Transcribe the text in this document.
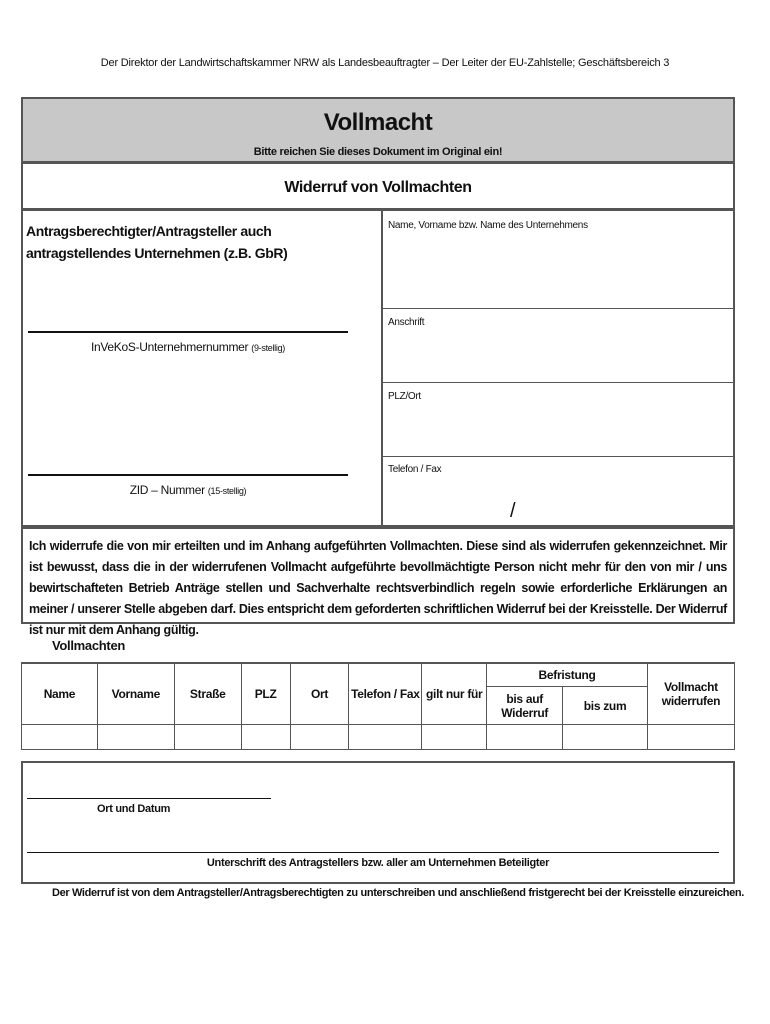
Der Direktor der Landwirtschaftskammer NRW als Landesbeauftragter – Der Leiter der EU-Zahlstelle; Geschäftsbereich 3
Vollmacht
Bitte reichen Sie dieses Dokument im Original ein!
Widerruf von Vollmachten
Antragsberechtigter/Antragsteller auch antragstellendes Unternehmen (z.B. GbR)
InVeKoS-Unternehmernummer (9-stellig)
ZID – Nummer (15-stellig)
Name, Vorname bzw. Name des Unternehmens
Anschrift
PLZ/Ort
Telefon / Fax
/

Ich widerrufe die von mir erteilten und im Anhang aufgeführten Vollmachten. Diese sind als widerrufen gekennzeichnet. Mir ist bewusst, dass die in der widerrufenen Vollmacht aufgeführte bevollmächtigte Person nicht mehr für den von mir / uns bewirtschafteten Betrieb Anträge stellen und Sachverhalte rechtsverbindlich regeln sowie erforderliche Erklärungen an meiner / unserer Stelle abgeben darf. Dies entspricht dem geforderten schriftlichen Widerruf bei der Kreisstelle. Der Widerruf ist nur mit dem Anhang gültig.

Vollmachten
Name	Vorname	Straße	PLZ	Ort	Telefon / Fax	gilt nur für	Befristung		Vollmacht widerrufen
							bis auf Widerruf	bis zum	

Ort und Datum
Unterschrift des Antragstellers bzw. aller am Unternehmen Beteiligter
Der Widerruf ist von dem Antragsteller/Antragsberechtigten zu unterschreiben und anschließend fristgerecht bei der Kreisstelle einzureichen.
